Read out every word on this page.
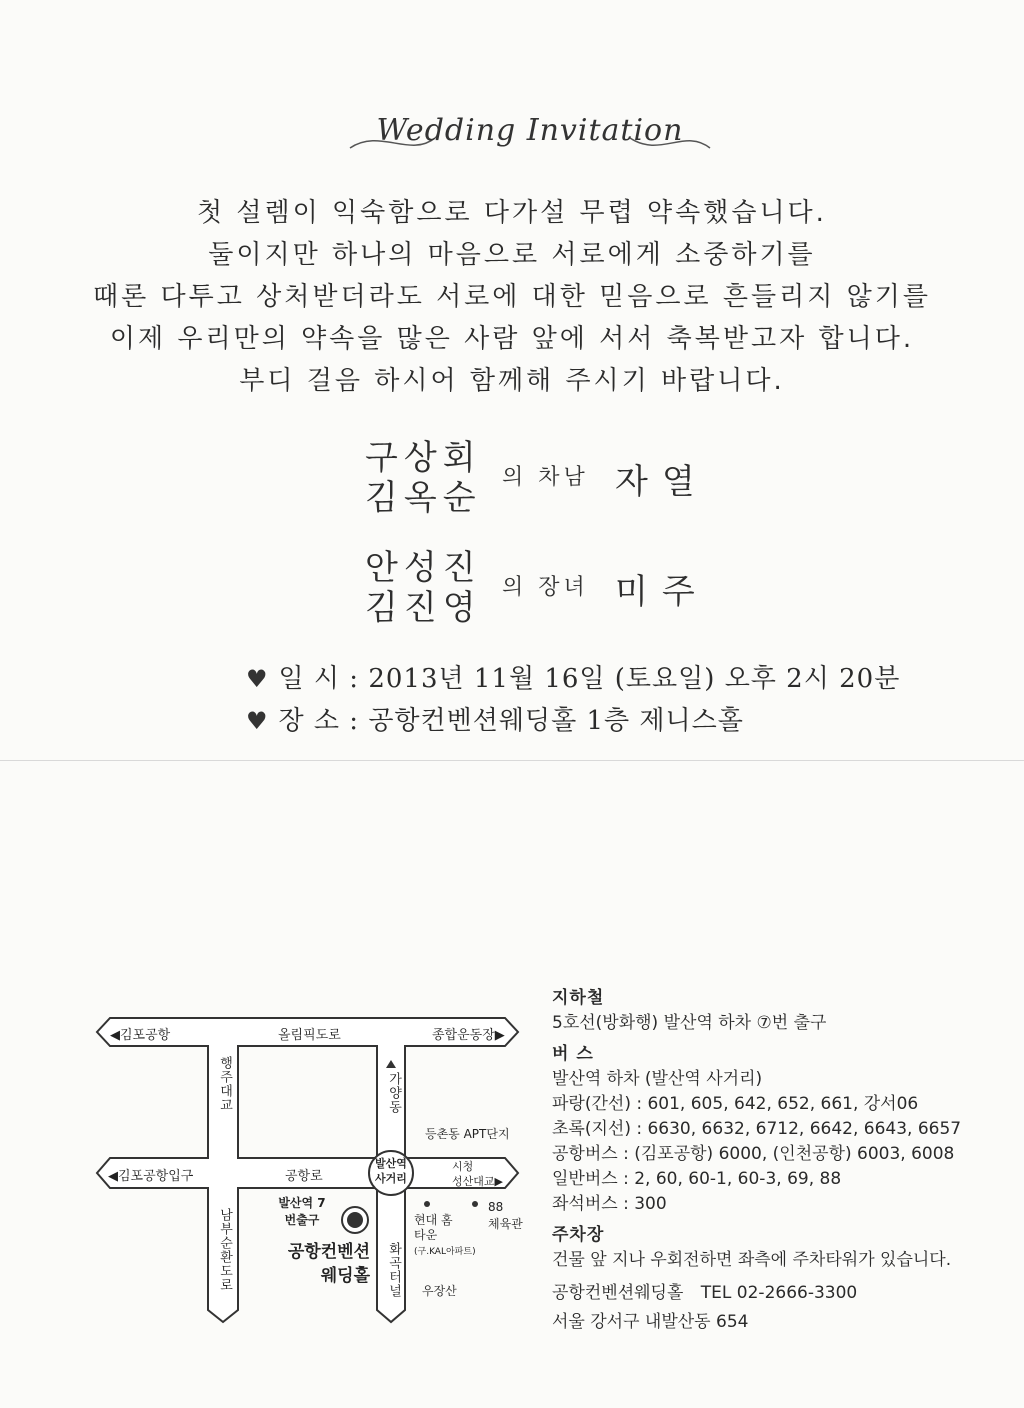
Wedding Invitation
첫 설렘이 익숙함으로 다가설 무렵 약속했습니다.
둘이지만 하나의 마음으로 서로에게 소중하기를
때론 다투고 상처받더라도 서로에 대한 믿음으로 흔들리지 않기를
이제 우리만의 약속을 많은 사람 앞에 서서 축복받고자 합니다.
부디 걸음 하시어 함께해 주시기 바랍니다.
구상회
김옥순
의 차남 자열
안성진
김진영
의 장녀 미주
♥ 일 시 : 2013년 11월 16일 (토요일) 오후 2시 20분
♥ 장 소 : 공항컨벤션웨딩홀 1층 제니스홀
◀김포공항	올림픽도로	종합운동장▶
◀김포공항입구	공항로
시청
성산대교▶
행주대교
남부순환도로
가양동
화곡터널
등촌동 APT단지
발산역 사거리
발산역 7번출구
공항컨벤션 웨딩홀
현대 홈타운
(구.KAL아파트)
88
체육관
우장산
지하철
5호선(방화행) 발산역 하차 ⑦번 출구
버 스
발산역 하차 (발산역 사거리)
파랑(간선) : 601, 605, 642, 652, 661, 강서06
초록(지선) : 6630, 6632, 6712, 6642, 6643, 6657
공항버스 : (김포공항) 6000, (인천공항) 6003, 6008
일반버스 : 2, 60, 60-1, 60-3, 69, 88
좌석버스 : 300
주차장
건물 앞 지나 우회전하면 좌측에 주차타워가 있습니다.
공항컨벤션웨딩홀 TEL 02-2666-3300
서울 강서구 내발산동 654
